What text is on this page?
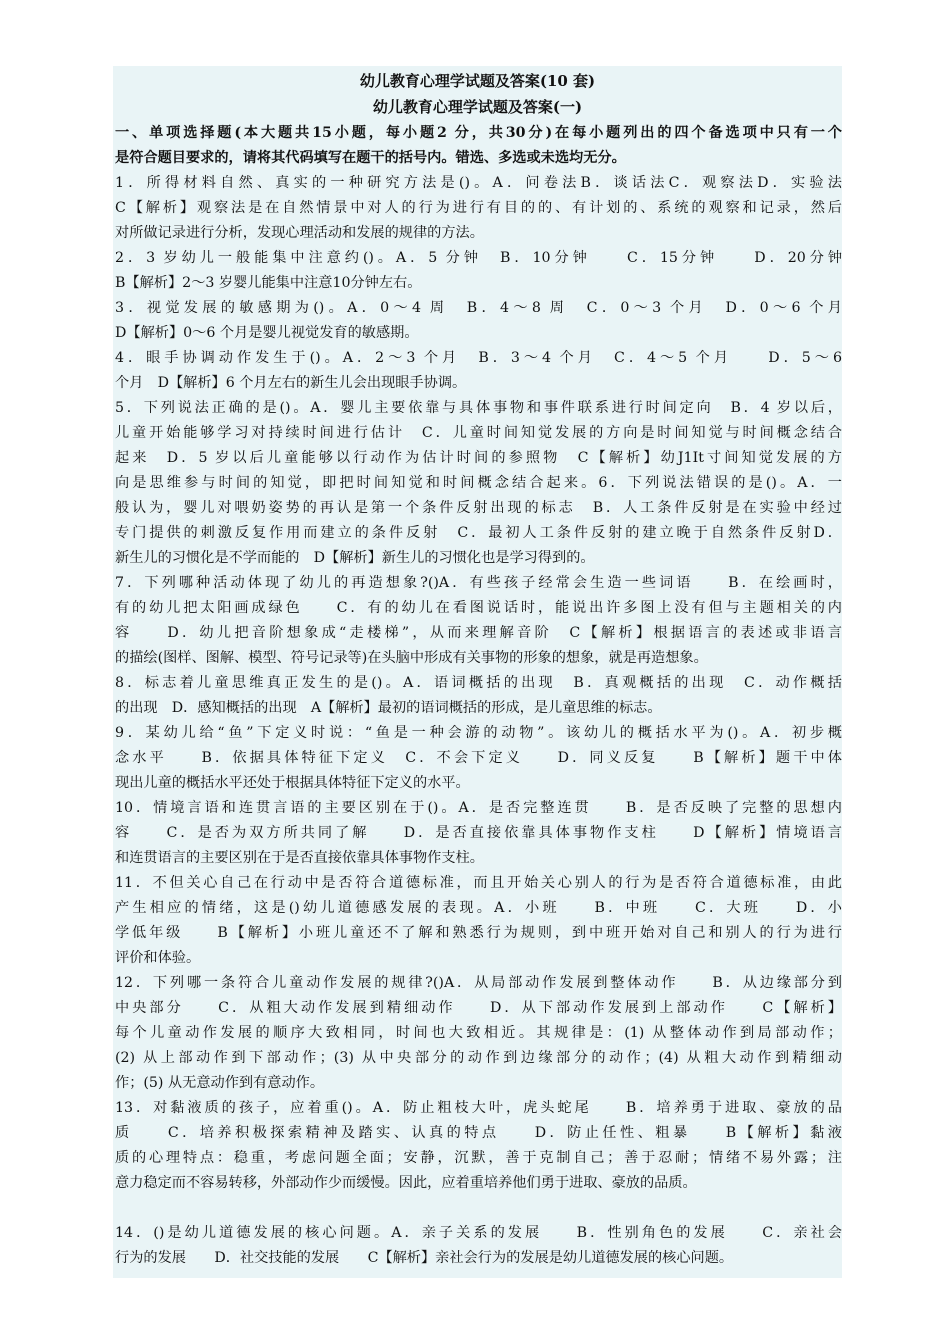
幼儿教育心理学试题及答案(10 套)
幼儿教育心理学试题及答案(一)
一、单项选择题(本大题共15小题，每小题2 分，共30分)在每小题列出的四个备选项中只有一个
是符合题目要求的，请将其代码填写在题干的括号内。错选、多选或未选均无分。
1．所得材料自然、真实的一种研究方法是()。A．问卷法B．谈话法C．观察法D．实验法
C【解析】观察法是在自然情景中对人的行为进行有目的的、有计划的、系统的观察和记录，然后
对所做记录进行分析，发现心理活动和发展的规律的方法。
2．3 岁幼儿一般能集中注意约()。A．5 分钟　B．10分钟　　C．15分钟　　D．20分钟
B【解析】2～3 岁婴儿能集中注意10分钟左右。
3．视觉发展的敏感期为()。A．0～4 周　B．4～8 周　C．0～3 个月　D．0～6 个月
D【解析】0～6 个月是婴儿视觉发育的敏感期。
4．眼手协调动作发生于()。A．2～3 个月　B．3～4 个月　C．4～5 个月　　D．5～6
个月　D【解析】6 个月左右的新生儿会出现眼手协调。
5．下列说法正确的是()。A．婴儿主要依靠与具体事物和事件联系进行时间定向　B．4 岁以后，
儿童开始能够学习对持续时间进行估计　C．儿童时间知觉发展的方向是时间知觉与时间概念结合
起来　D．5 岁以后儿童能够以行动作为估计时间的参照物　C【解析】幼J1It寸间知觉发展的方
向是思维参与时间的知觉，即把时间知觉和时间概念结合起来。6．下列说法错误的是()。A．一
般认为，婴儿对喂奶姿势的再认是第一个条件反射出现的标志　B．人工条件反射是在实验中经过
专门提供的刺激反复作用而建立的条件反射　C．最初人工条件反射的建立晚于自然条件反射D．
新生儿的习惯化是不学而能的　D【解析】新生儿的习惯化也是学习得到的。
7．下列哪种活动体现了幼儿的再造想象?()A．有些孩子经常会生造一些词语　　B．在绘画时，
有的幼儿把太阳画成绿色　　C．有的幼儿在看图说话时，能说出许多图上没有但与主题相关的内
容　　D．幼儿把音阶想象成“走楼梯”，从而来理解音阶　C【解析】根据语言的表述或非语言
的描绘(图样、图解、模型、符号记录等)在头脑中形成有关事物的形象的想象，就是再造想象。
8．标志着儿童思维真正发生的是()。A．语词概括的出现　B．真观概括的出现　C．动作概括
的出现　D．感知概括的出现　A【解析】最初的语词概括的形成，是儿童思维的标志。
9．某幼儿给“鱼”下定义时说：“鱼是一种会游的动物”。该幼儿的概括水平为()。A．初步概
念水平　　B．依据具体特征下定义　C．不会下定义　　D．同义反复　　B【解析】题干中体
现出儿童的概括水平还处于根据具体特征下定义的水平。
10．情境言语和连贯言语的主要区别在于()。A．是否完整连贯　　B．是否反映了完整的思想内
容　　C．是否为双方所共同了解　　D．是否直接依靠具体事物作支柱　　D【解析】情境语言
和连贯语言的主要区别在于是否直接依靠具体事物作支柱。
11．不但关心自己在行动中是否符合道德标准，而且开始关心别人的行为是否符合道德标准，由此
产生相应的情绪，这是()幼儿道德感发展的表现。A．小班　　B．中班　　C．大班　　D．小
学低年级　　B【解析】小班儿童还不了解和熟悉行为规则，到中班开始对自己和别人的行为进行
评价和体验。
12．下列哪一条符合儿童动作发展的规律?()A．从局部动作发展到整体动作　　B．从边缘部分到
中央部分　　C．从粗大动作发展到精细动作　　D．从下部动作发展到上部动作　　C【解析】
每个儿童动作发展的顺序大致相同，时间也大致相近。其规律是：(1) 从整体动作到局部动作；
(2) 从上部动作到下部动作；(3) 从中央部分的动作到边缘部分的动作；(4) 从粗大动作到精细动
作；(5) 从无意动作到有意动作。
13．对黏液质的孩子，应着重()。A．防止粗枝大叶，虎头蛇尾　　B．培养勇于进取、豪放的品
质　　C．培养积极探索精神及踏实、认真的特点　　D．防止任性、粗暴　　B【解析】黏液
质的心理特点：稳重，考虑问题全面；安静，沉默，善于克制自己；善于忍耐；情绪不易外露；注
意力稳定而不容易转移，外部动作少而缓慢。因此，应着重培养他们勇于进取、豪放的品质。
14．()是幼儿道德发展的核心问题。A．亲子关系的发展　　B．性别角色的发展　　C．亲社会
行为的发展　　D．社交技能的发展　　C【解析】亲社会行为的发展是幼儿道德发展的核心问题。
